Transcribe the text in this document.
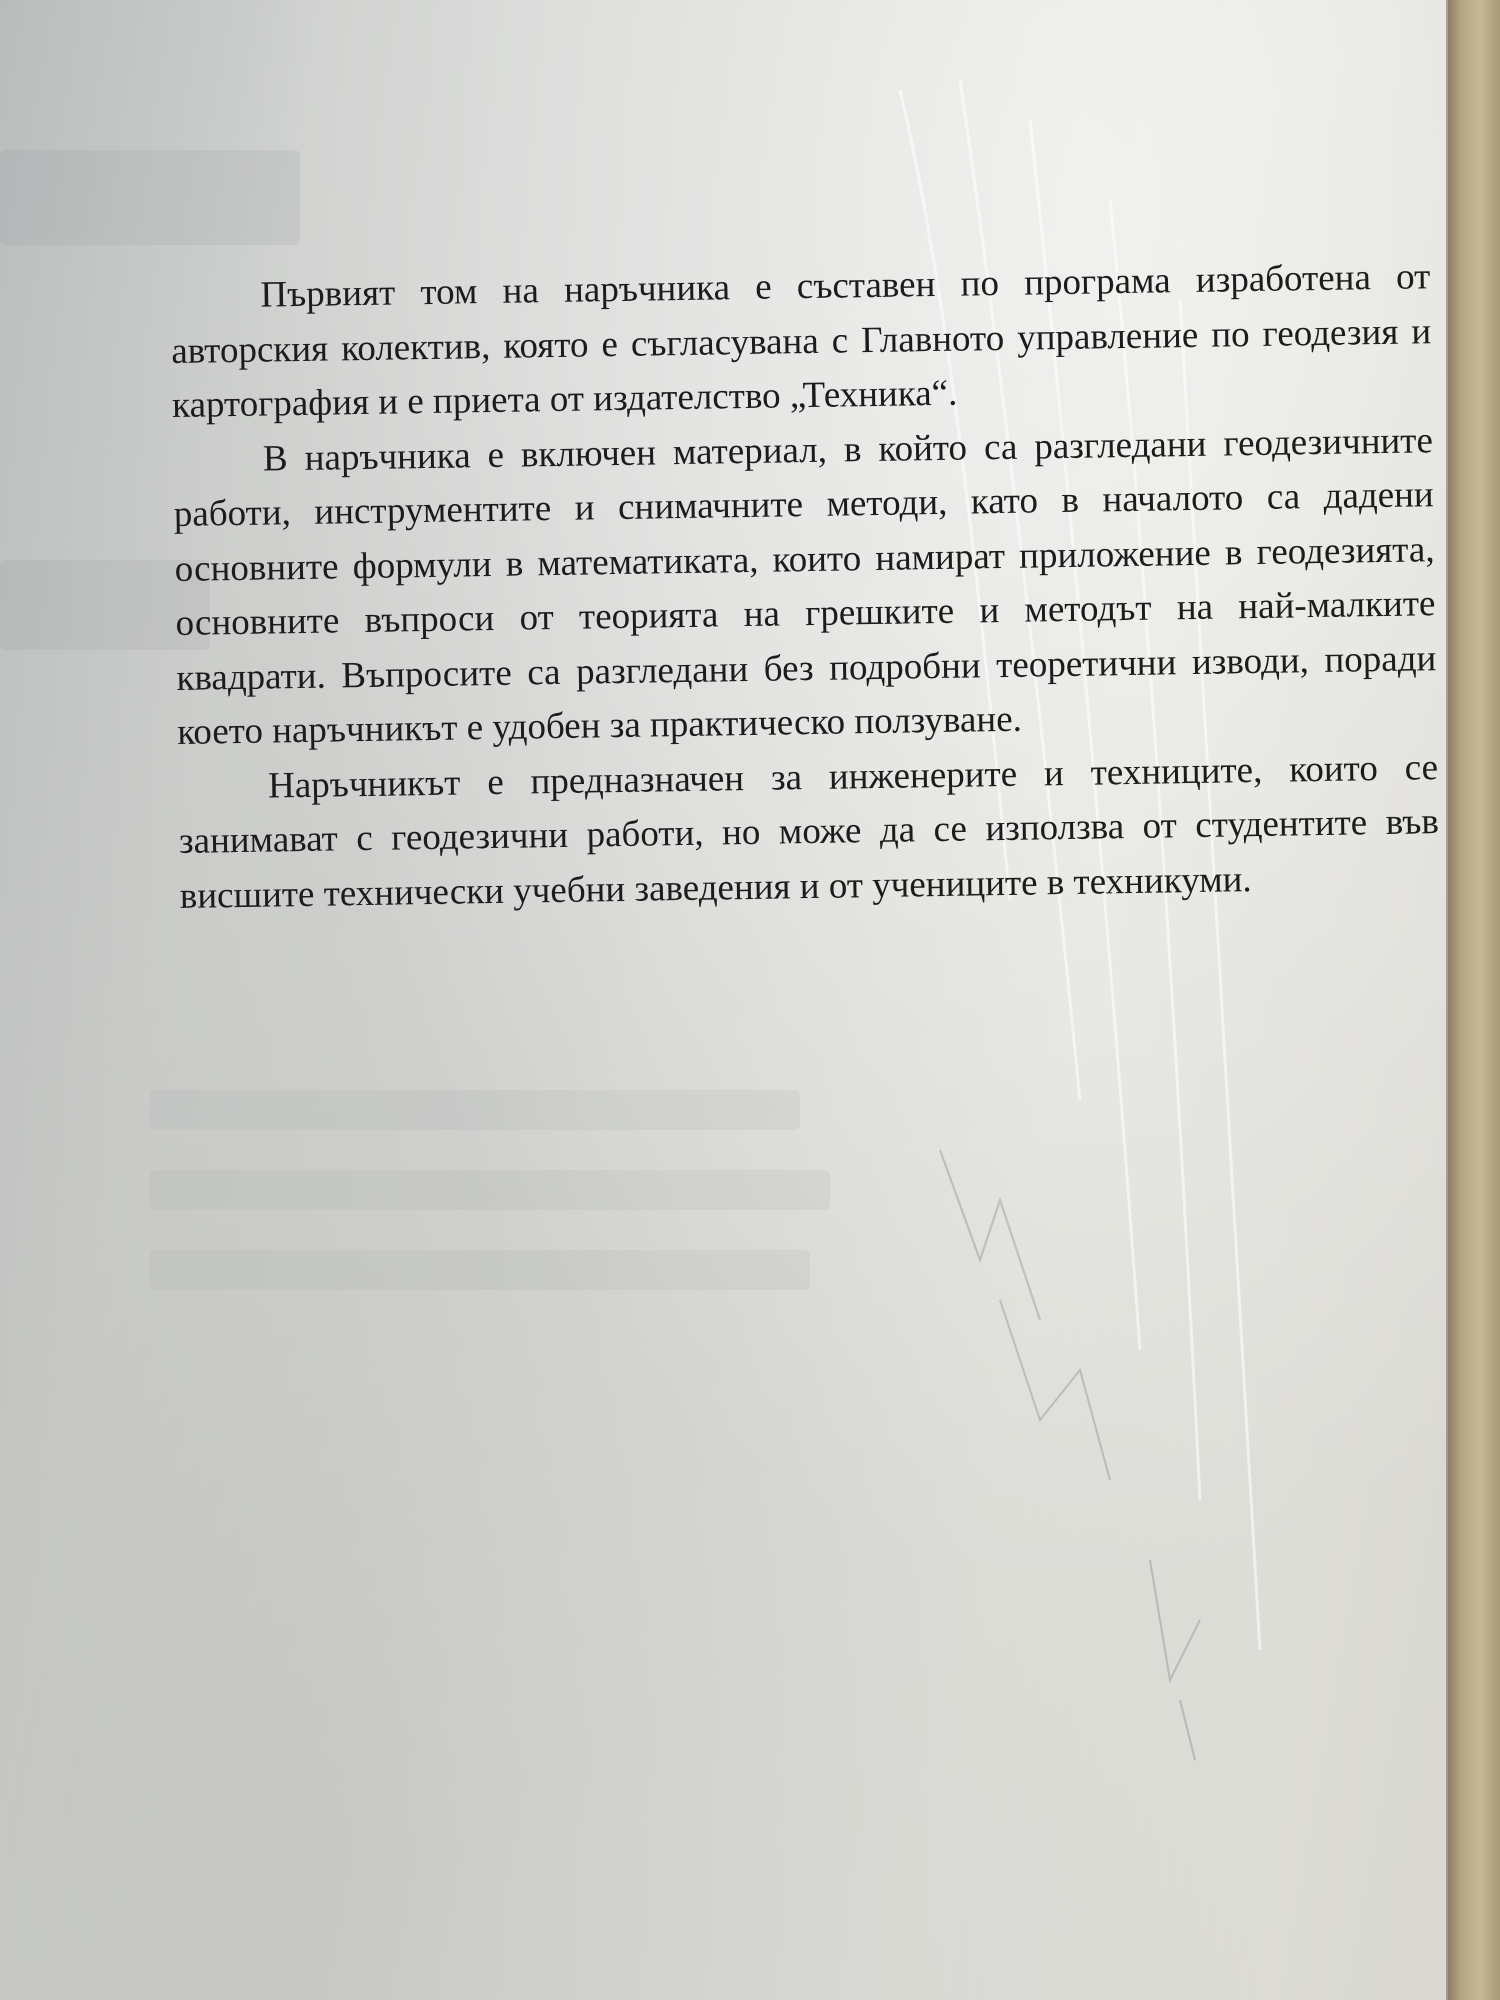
Първият том на наръчника е съставен по програма изработена от авторския колектив, която е съгласувана с Главното управление по геодезия и картография и е приета от издателство „Техника“.

В наръчника е включен материал, в който са разгледани геодезичните работи, инструментите и снимачните методи, като в началото са дадени основните формули в математиката, които намират приложение в геодезията, основните въпроси от теорията на грешките и методът на най-малките квадрати. Въпросите са разгледани без подробни теоретични изводи, поради което наръчникът е удобен за практическо ползуване.

Наръчникът е предназначен за инженерите и техниците, които се занимават с геодезични работи, но може да се използва от студентите във висшите технически учебни заведения и от учениците в техникуми.
